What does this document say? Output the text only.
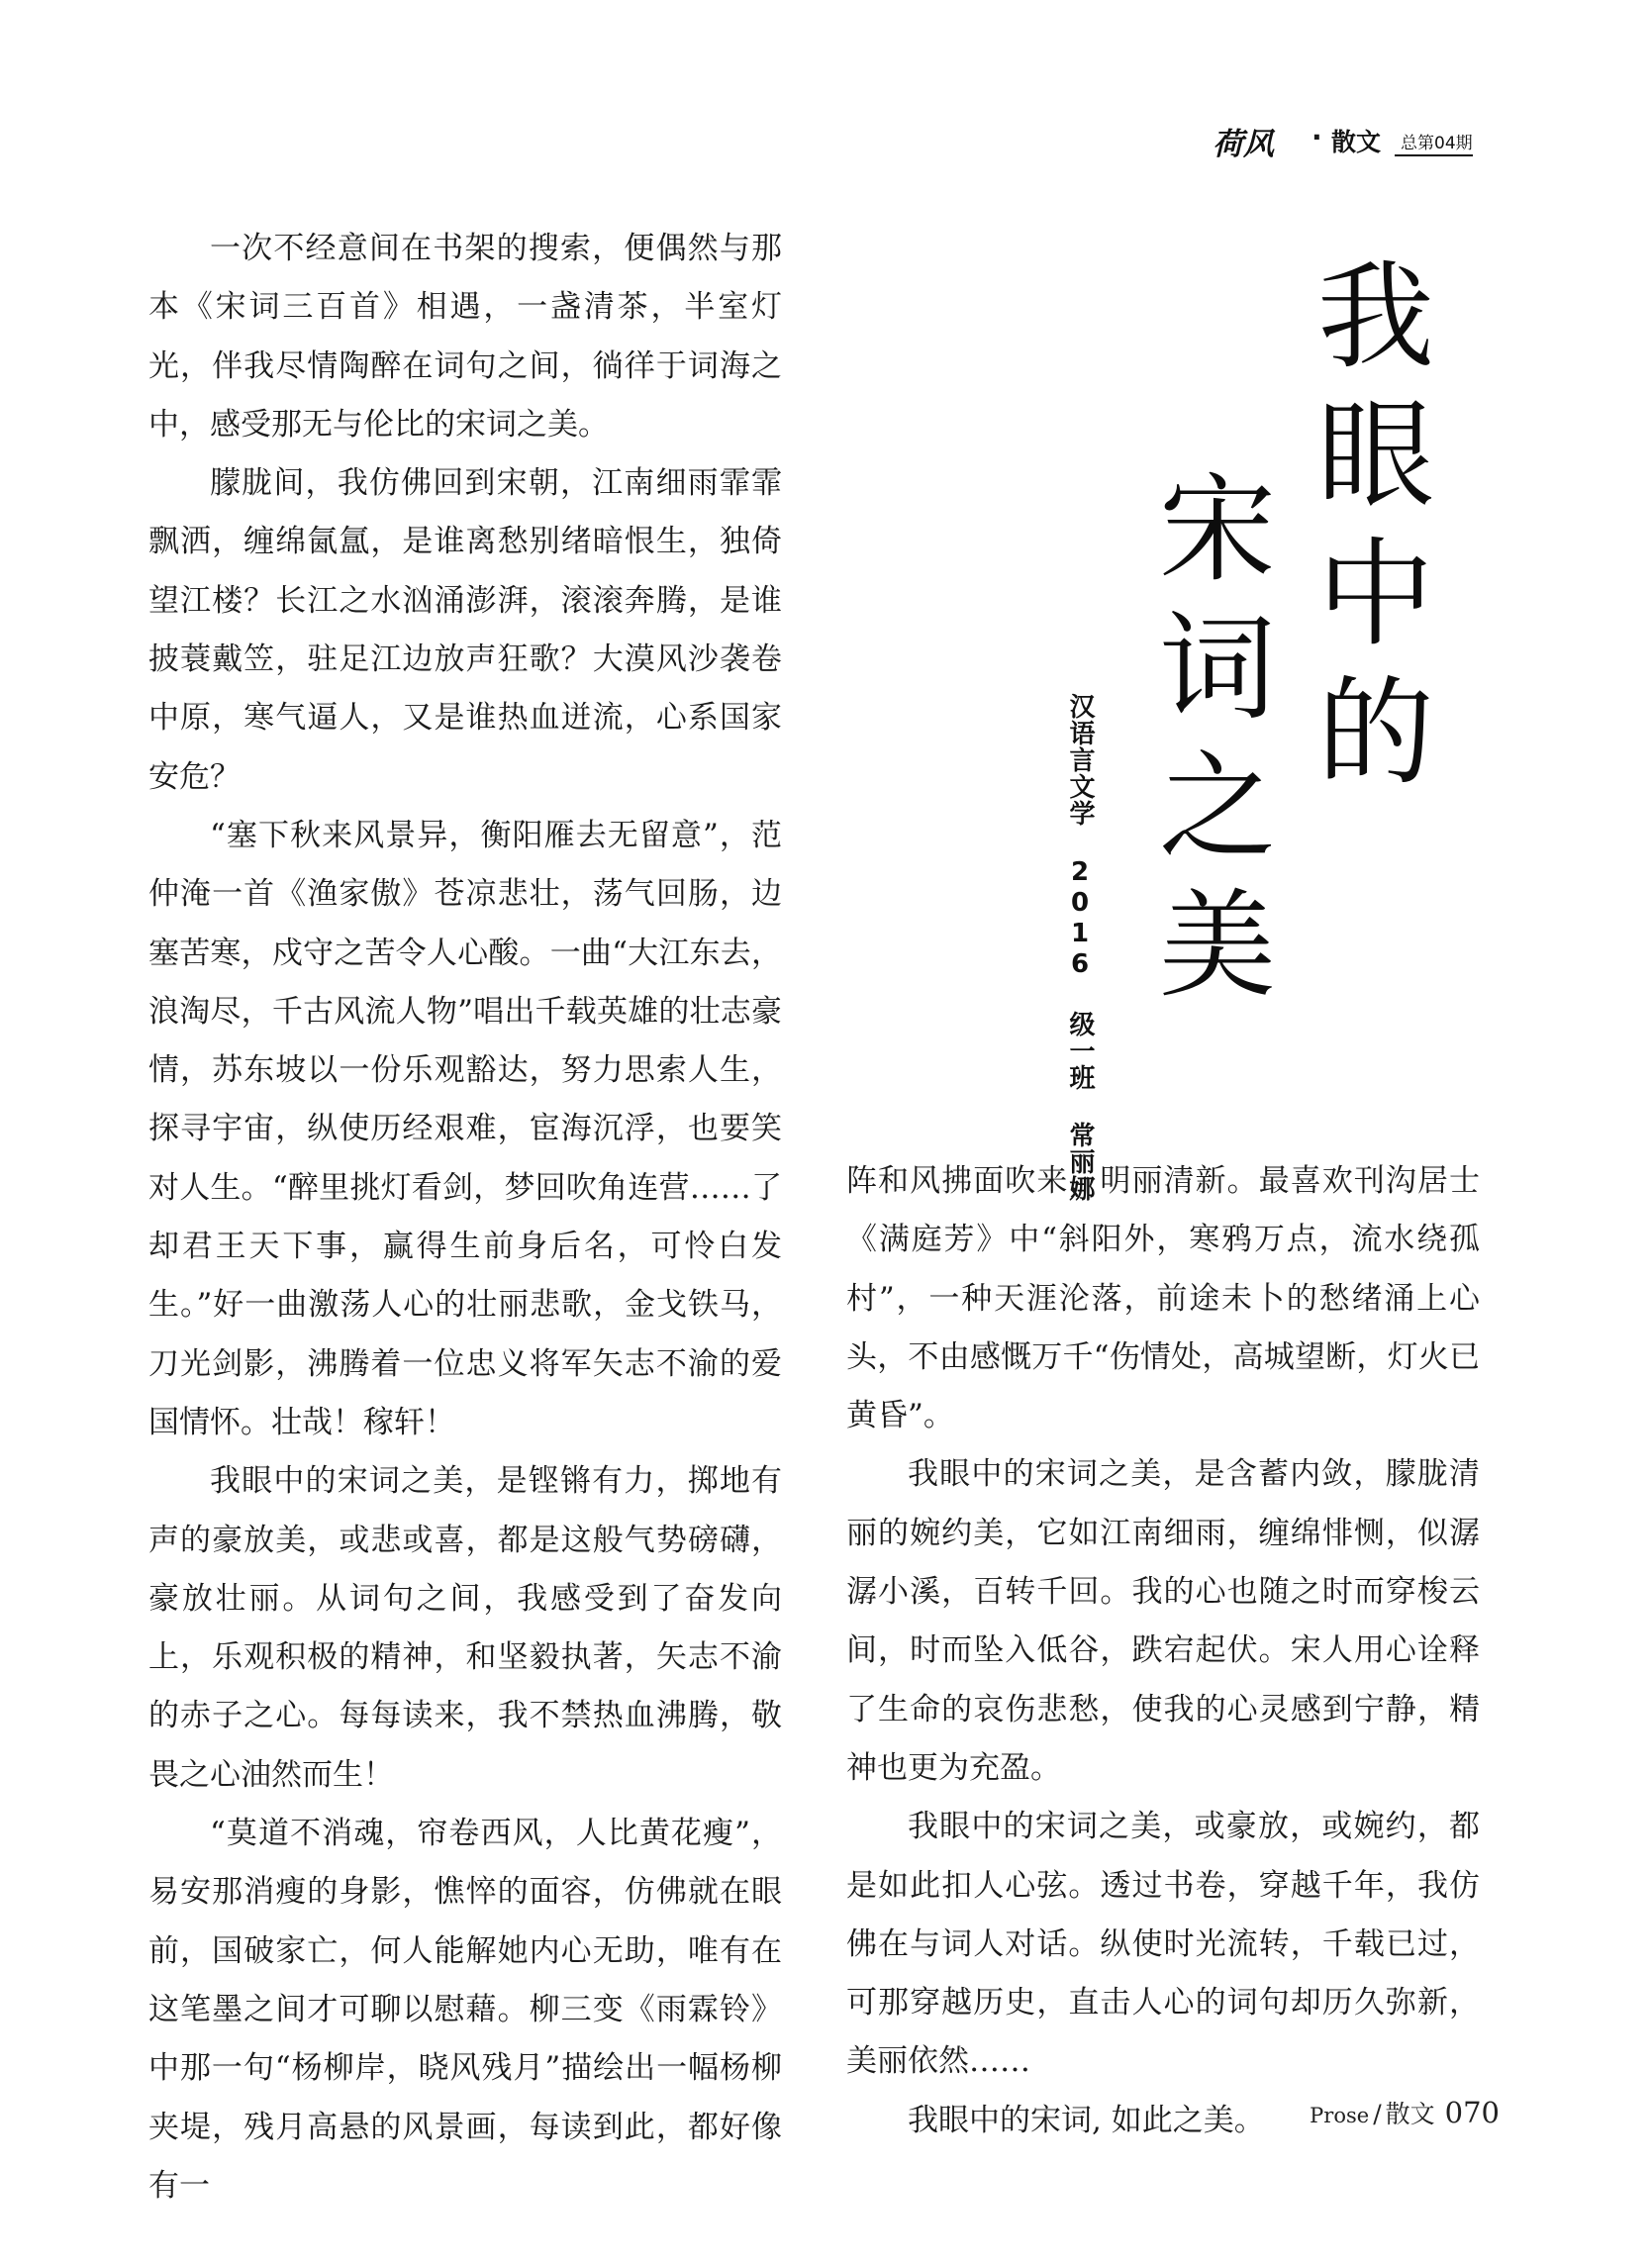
荷风 · 散文	总第04期
我
眼
中
的
宋
词
之
美
汉语言文学 2016 级一班 常丽娜

一次不经意间在书架的搜索，便偶然与那本《宋词三百首》相遇，一盏清茶，半室灯光，伴我尽情陶醉在词句之间，徜徉于词海之中，感受那无与伦比的宋词之美。

朦胧间，我仿佛回到宋朝，江南细雨霏霏飘洒，缠绵氤氲，是谁离愁别绪暗恨生，独倚望江楼？长江之水汹涌澎湃，滚滚奔腾，是谁披蓑戴笠，驻足江边放声狂歌？大漠风沙袭卷中原，寒气逼人，又是谁热血迸流，心系国家安危？

“塞下秋来风景异，衡阳雁去无留意”，范仲淹一首《渔家傲》苍凉悲壮，荡气回肠，边塞苦寒，戍守之苦令人心酸。一曲“大江东去，浪淘尽，千古风流人物”唱出千载英雄的壮志豪情，苏东坡以一份乐观豁达，努力思索人生，探寻宇宙，纵使历经艰难，宦海沉浮，也要笑对人生。“醉里挑灯看剑，梦回吹角连营……了却君王天下事，赢得生前身后名，可怜白发生。”好一曲激荡人心的壮丽悲歌，金戈铁马，刀光剑影，沸腾着一位忠义将军矢志不渝的爱国情怀。壮哉！稼轩！

我眼中的宋词之美，是铿锵有力，掷地有声的豪放美，或悲或喜，都是这般气势磅礴，豪放壮丽。从词句之间，我感受到了奋发向上，乐观积极的精神，和坚毅执著，矢志不渝的赤子之心。每每读来，我不禁热血沸腾，敬畏之心油然而生！

“莫道不消魂，帘卷西风，人比黄花瘦”，易安那消瘦的身影，憔悴的面容，仿佛就在眼前，国破家亡，何人能解她内心无助，唯有在这笔墨之间才可聊以慰藉。柳三变《雨霖铃》中那一句“杨柳岸，晓风残月”描绘出一幅杨柳夹堤，残月高悬的风景画，每读到此，都好像有一

阵和风拂面吹来，明丽清新。最喜欢刊沟居士《满庭芳》中“斜阳外，寒鸦万点，流水绕孤村”，一种天涯沦落，前途未卜的愁绪涌上心头，不由感慨万千“伤情处，高城望断，灯火已黄昏”。

我眼中的宋词之美，是含蓄内敛，朦胧清丽的婉约美，它如江南细雨，缠绵悱恻，似潺潺小溪，百转千回。我的心也随之时而穿梭云间，时而坠入低谷，跌宕起伏。宋人用心诠释了生命的哀伤悲愁，使我的心灵感到宁静，精神也更为充盈。

我眼中的宋词之美，或豪放，或婉约，都是如此扣人心弦。透过书卷，穿越千年，我仿佛在与词人对话。纵使时光流转，千载已过，可那穿越历史，直击人心的词句却历久弥新，美丽依然……

我眼中的宋词, 如此之美。	Prose / 散文 070
